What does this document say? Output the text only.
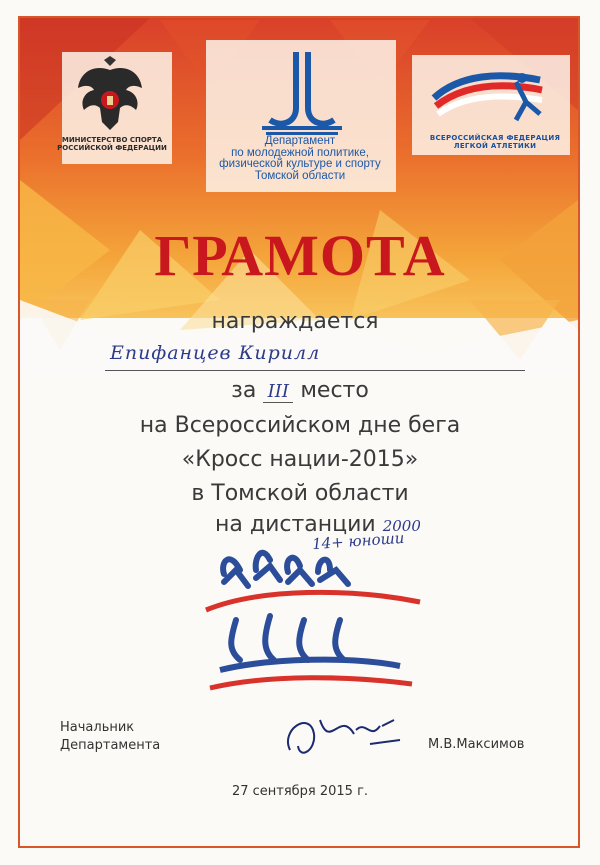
МИНИСТЕРСТВО СПОРТА РОССИЙСКОЙ ФЕДЕРАЦИИ
Департамент
по молодежной политике,
физической культуре и спорту
Томской области
ВСЕРОССИЙСКАЯ ФЕДЕРАЦИЯ
ЛЕГКОЙ АТЛЕТИКИ
ГРАМОТА
награждается
Епифанцев Кирилл
за III место
на Всероссийском дне бега
«Кросс нации-2015»
в Томской области
на дистанции 2000
14+ юноши
Начальник
Департамента	М.В.Максимов
27 сентября 2015 г.
